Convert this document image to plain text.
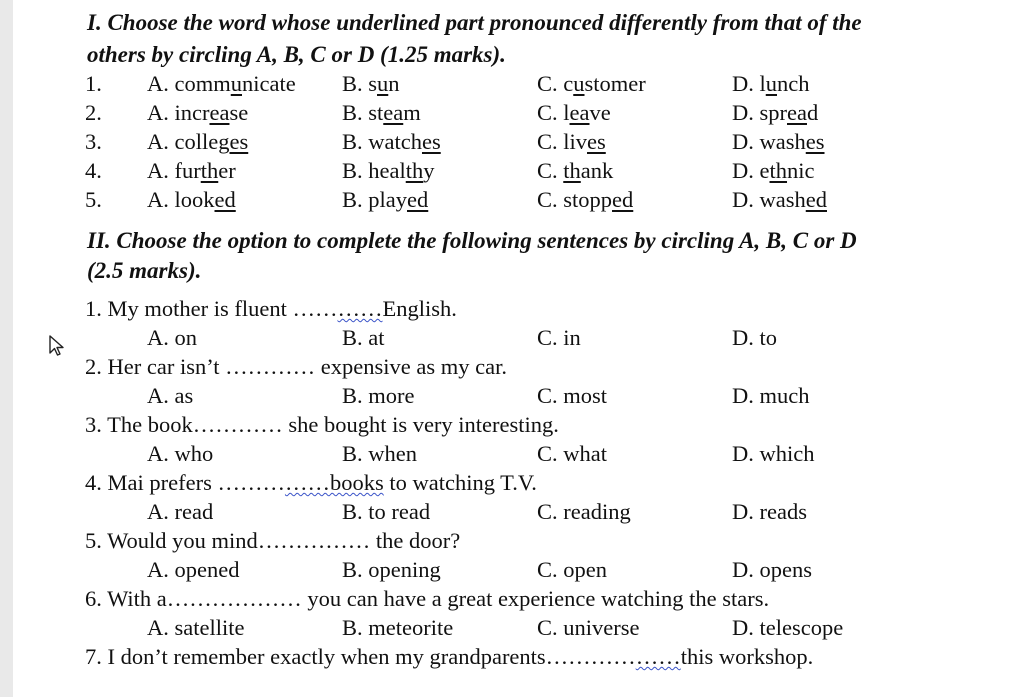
I. Choose the word whose underlined part pronounced differently from that of the
others by circling A, B, C or D (1.25 marks).
1. A. communicate B. sun	C. customer	D. lunch
2. A. increase	B. steam	C. leave	D. spread
3. A. colleges	B. watches	C. lives	D. washes
4. A. further	B. healthy	C. thank	D. ethnic
5. A. looked	B. played	C. stopped	D. washed
II. Choose the option to complete the following sentences by circling A, B, C or D
(2.5 marks).
1. My mother is fluent …………English.
A. on	B. at	C. in	D. to
2. Her car isn’t ………… expensive as my car.
A. as	B. more	C. most	D. much
3. The book………… she bought is very interesting.
A. who	B. when	C. what	D. which
4. Mai prefers ……………books to watching T.V.
A. read	B. to read	C. reading	D. reads
5. Would you mind…………… the door?
A. opened	B. opening	C. open	D. opens
6. With a……………… you can have a great experience watching the stars.
A. satellite	B. meteorite	C. universe	D. telescope
7. I don’t remember exactly when my grandparents………………this workshop.
